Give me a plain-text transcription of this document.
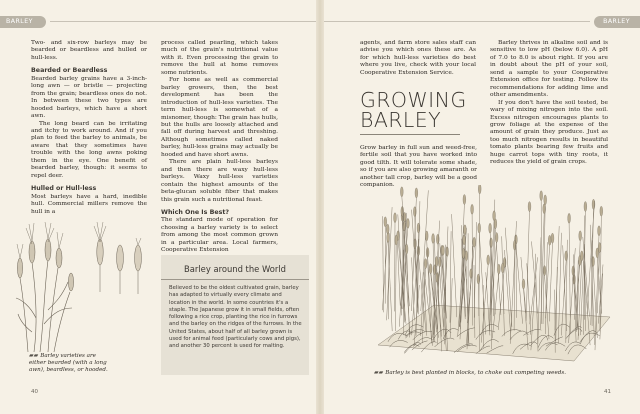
BARLEY	BARLEY

Two- and six-row barleys may be bearded or beardless and hulled or hull-less.

Bearded or Beardless

Bearded barley grains have a 3-inch-long awn — or bristle — projecting from the grain; beardless ones do not. In between these two types are hooded barleys, which have a short awn.

The long beard can be irritating and itchy to work around. And if you plan to feed the barley to animals, be aware that they sometimes have trouble with the long awns poking them in the eye. One benefit of bearded barley, though: it seems to repel deer.

Hulled or Hull-less

Most barleys have a hard, inedible hull. Commercial millers remove the hull in a

process called pearling, which takes much of the grain's nutritional value with it. Even processing the grain to remove the hull at home removes some nutrients.

For home as well as commercial barley growers, then, the best development has been the introduction of hull-less varieties. The term hull-less is somewhat of a misnomer, though: The grain has hulls, but the hulls are loosely attached and fall off during harvest and threshing. Although sometimes called naked barley, hull-less grains may actually be hooded and have short awns.

There are plain hull-less barleys and then there are waxy hull-less barleys. Waxy hull-less varieties contain the highest amounts of the beta-glucan soluble fiber that makes this grain such a nutritional feast.

Which One Is Best?

The standard mode of operation for choosing a barley variety is to select from among the most common grown in a particular area. Local farmers, Cooperative Extension

Barley around the World
Believed to be the oldest cultivated grain, barley has adapted to virtually every climate and location in the world. In some countries it's a staple. The Japanese grow it in small fields, often following a rice crop, planting the rice in furrows and the barley on the ridges of the furrows. In the United States, about half of all barley grown is used for animal feed (particularly cows and pigs), and another 30 percent is used for malting.
▰▰ Barley varieties are either bearded (with a long awn), beardless, or hooded.
40

agents, and farm store sales staff can advise you which ones these are. As for which hull-less varieties do best where you live, check with your local Cooperative Extension Service.

GROWING
BARLEY

Grow barley in full sun and weed-free, fertile soil that you have worked into good tilth. It will tolerate some shade, so if you are also growing amaranth or another tall crop, barley will be a good companion.

Barley thrives in alkaline soil and is sensitive to low pH (below 6.0). A pH of 7.0 to 8.0 is about right. If you are in doubt about the pH of your soil, send a sample to your Cooperative Extension office for testing. Follow its recommendations for adding lime and other amendments.

If you don't have the soil tested, be wary of mixing nitrogen into the soil. Excess nitrogen encourages plants to grow foliage at the expense of the amount of grain they produce. Just as too much nitrogen results in beautiful tomato plants bearing few fruits and huge carrot tops with tiny roots, it reduces the yield of grain crops.

▰▰ Barley is best planted in blocks, to choke out competing weeds.
41
